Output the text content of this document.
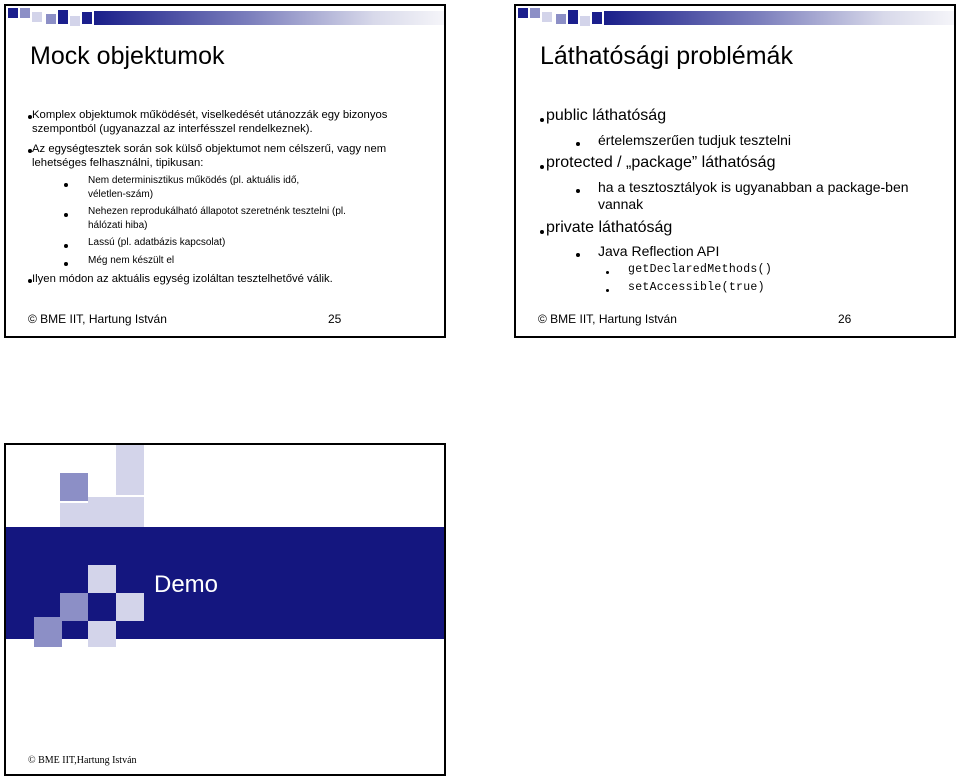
Mock objektumok
Komplex objektumok működését, viselkedését utánozzák egy bizonyos szempontból (ugyanazzal az interfésszel rendelkeznek).
Az egységtesztek során sok külső objektumot nem célszerű, vagy nem lehetséges felhasználni, tipikusan:
Nem determinisztikus működés (pl. aktuális idő, véletlen-szám)
Nehezen reprodukálható állapotot szeretnénk tesztelni (pl. hálózati hiba)
Lassú (pl. adatbázis kapcsolat)
Még nem készült el
Ilyen módon az aktuális egység izoláltan tesztelhetővé válik.
© BME IIT, Hartung István	25
Láthatósági problémák
public láthatóság
értelemszerűen tudjuk tesztelni
protected / „package” láthatóság
ha a tesztosztályok is ugyanabban a package-ben vannak
private láthatóság
Java Reflection API
getDeclaredMethods()
setAccessible(true)
© BME IIT, Hartung István	26
Demo
© BME IIT,Hartung István
